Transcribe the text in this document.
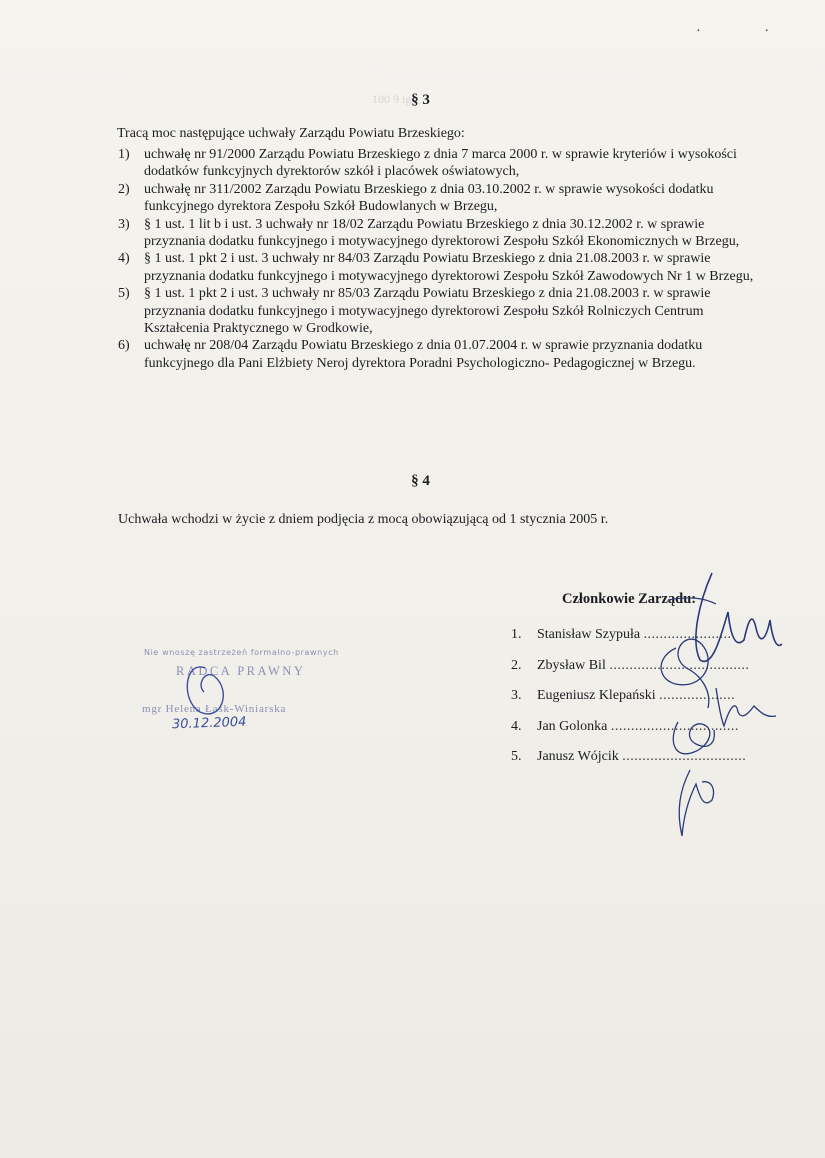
· ·
100 9 ig § 3
Tracą moc następujące uchwały Zarządu Powiatu Brzeskiego:
1) uchwałę nr 91/2000 Zarządu Powiatu Brzeskiego z dnia 7 marca 2000 r. w sprawie kryteriów i wysokości dodatków funkcyjnych dyrektorów szkół i placówek oświatowych,
2) uchwałę nr 311/2002 Zarządu Powiatu Brzeskiego z dnia 03.10.2002 r. w sprawie wysokości dodatku funkcyjnego dyrektora Zespołu Szkół Budowlanych w Brzegu,
3) § 1 ust. 1 lit b i ust. 3 uchwały nr 18/02 Zarządu Powiatu Brzeskiego z dnia 30.12.2002 r. w sprawie przyznania dodatku funkcyjnego i motywacyjnego dyrektorowi Zespołu Szkół Ekonomicznych w Brzegu,
4) § 1 ust. 1 pkt 2 i ust. 3 uchwały nr 84/03 Zarządu Powiatu Brzeskiego z dnia 21.08.2003 r. w sprawie przyznania dodatku funkcyjnego i motywacyjnego dyrektorowi Zespołu Szkół Zawodowych Nr 1 w Brzegu,
5) § 1 ust. 1 pkt 2 i ust. 3 uchwały nr 85/03 Zarządu Powiatu Brzeskiego z dnia 21.08.2003 r. w sprawie przyznania dodatku funkcyjnego i motywacyjnego dyrektorowi Zespołu Szkół Rolniczych Centrum Kształcenia Praktycznego w Grodkowie,
6) uchwałę nr 208/04 Zarządu Powiatu Brzeskiego z dnia 01.07.2004 r. w sprawie przyznania dodatku funkcyjnego dla Pani Elżbiety Neroj dyrektora Poradni Psychologiczno- Pedagogicznej w Brzegu.
§ 4
Uchwała wchodzi w życie z dniem podjęcia z mocą obowiązującą od 1 stycznia 2005 r.
Członkowie Zarządu:
1. Stanisław Szypuła ......................
2. Zbysław Bil ...................................
3. Eugeniusz Klepański ...................
4. Jan Golonka ................................
5. Janusz Wójcik ...............................
Nie wnoszę zastrzeżeń formalno-prawnych
RADCA PRAWNY
mgr Helena Łask-Winiarska
30.12.2004
